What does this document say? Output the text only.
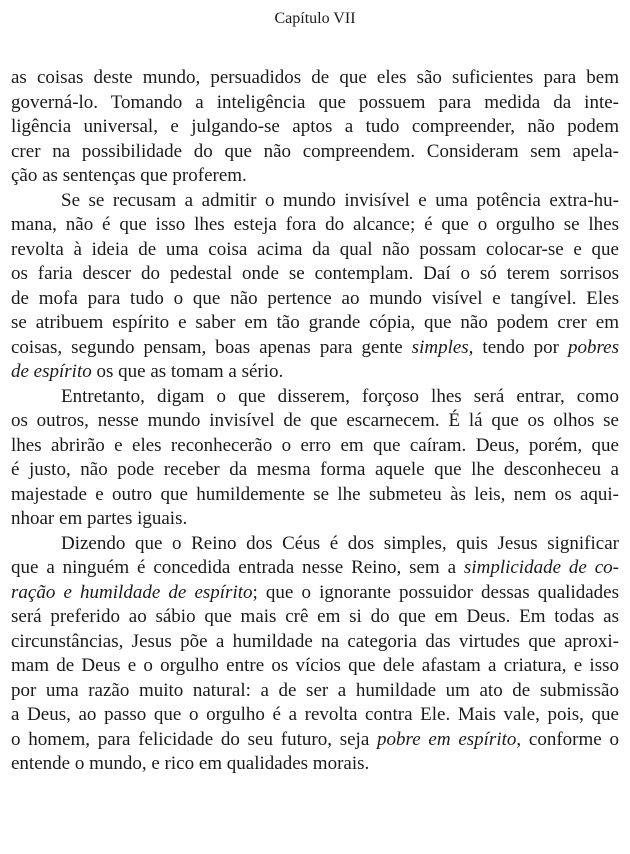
Capítulo VII
as coisas deste mundo, persuadidos de que eles são suficientes para bem
governá-lo. Tomando a inteligência que possuem para medida da inte-
ligência universal, e julgando-se aptos a tudo compreender, não podem
crer na possibilidade do que não compreendem. Consideram sem apela-
ção as sentenças que proferem.
Se se recusam a admitir o mundo invisível e uma potência extra-hu-
mana, não é que isso lhes esteja fora do alcance; é que o orgulho se lhes
revolta à ideia de uma coisa acima da qual não possam colocar-se e que
os faria descer do pedestal onde se contemplam. Daí o só terem sorrisos
de mofa para tudo o que não pertence ao mundo visível e tangível. Eles
se atribuem espírito e saber em tão grande cópia, que não podem crer em
coisas, segundo pensam, boas apenas para gente simples, tendo por pobres
de espírito os que as tomam a sério.
Entretanto, digam o que disserem, forçoso lhes será entrar, como
os outros, nesse mundo invisível de que escarnecem. É lá que os olhos se
lhes abrirão e eles reconhecerão o erro em que caíram. Deus, porém, que
é justo, não pode receber da mesma forma aquele que lhe desconheceu a
majestade e outro que humildemente se lhe submeteu às leis, nem os aqui-
nhoar em partes iguais.
Dizendo que o Reino dos Céus é dos simples, quis Jesus significar
que a ninguém é concedida entrada nesse Reino, sem a simplicidade de co-
ração e humildade de espírito; que o ignorante possuidor dessas qualidades
será preferido ao sábio que mais crê em si do que em Deus. Em todas as
circunstâncias, Jesus põe a humildade na categoria das virtudes que aproxi-
mam de Deus e o orgulho entre os vícios que dele afastam a criatura, e isso
por uma razão muito natural: a de ser a humildade um ato de submissão
a Deus, ao passo que o orgulho é a revolta contra Ele. Mais vale, pois, que
o homem, para felicidade do seu futuro, seja pobre em espírito, conforme o
entende o mundo, e rico em qualidades morais.
